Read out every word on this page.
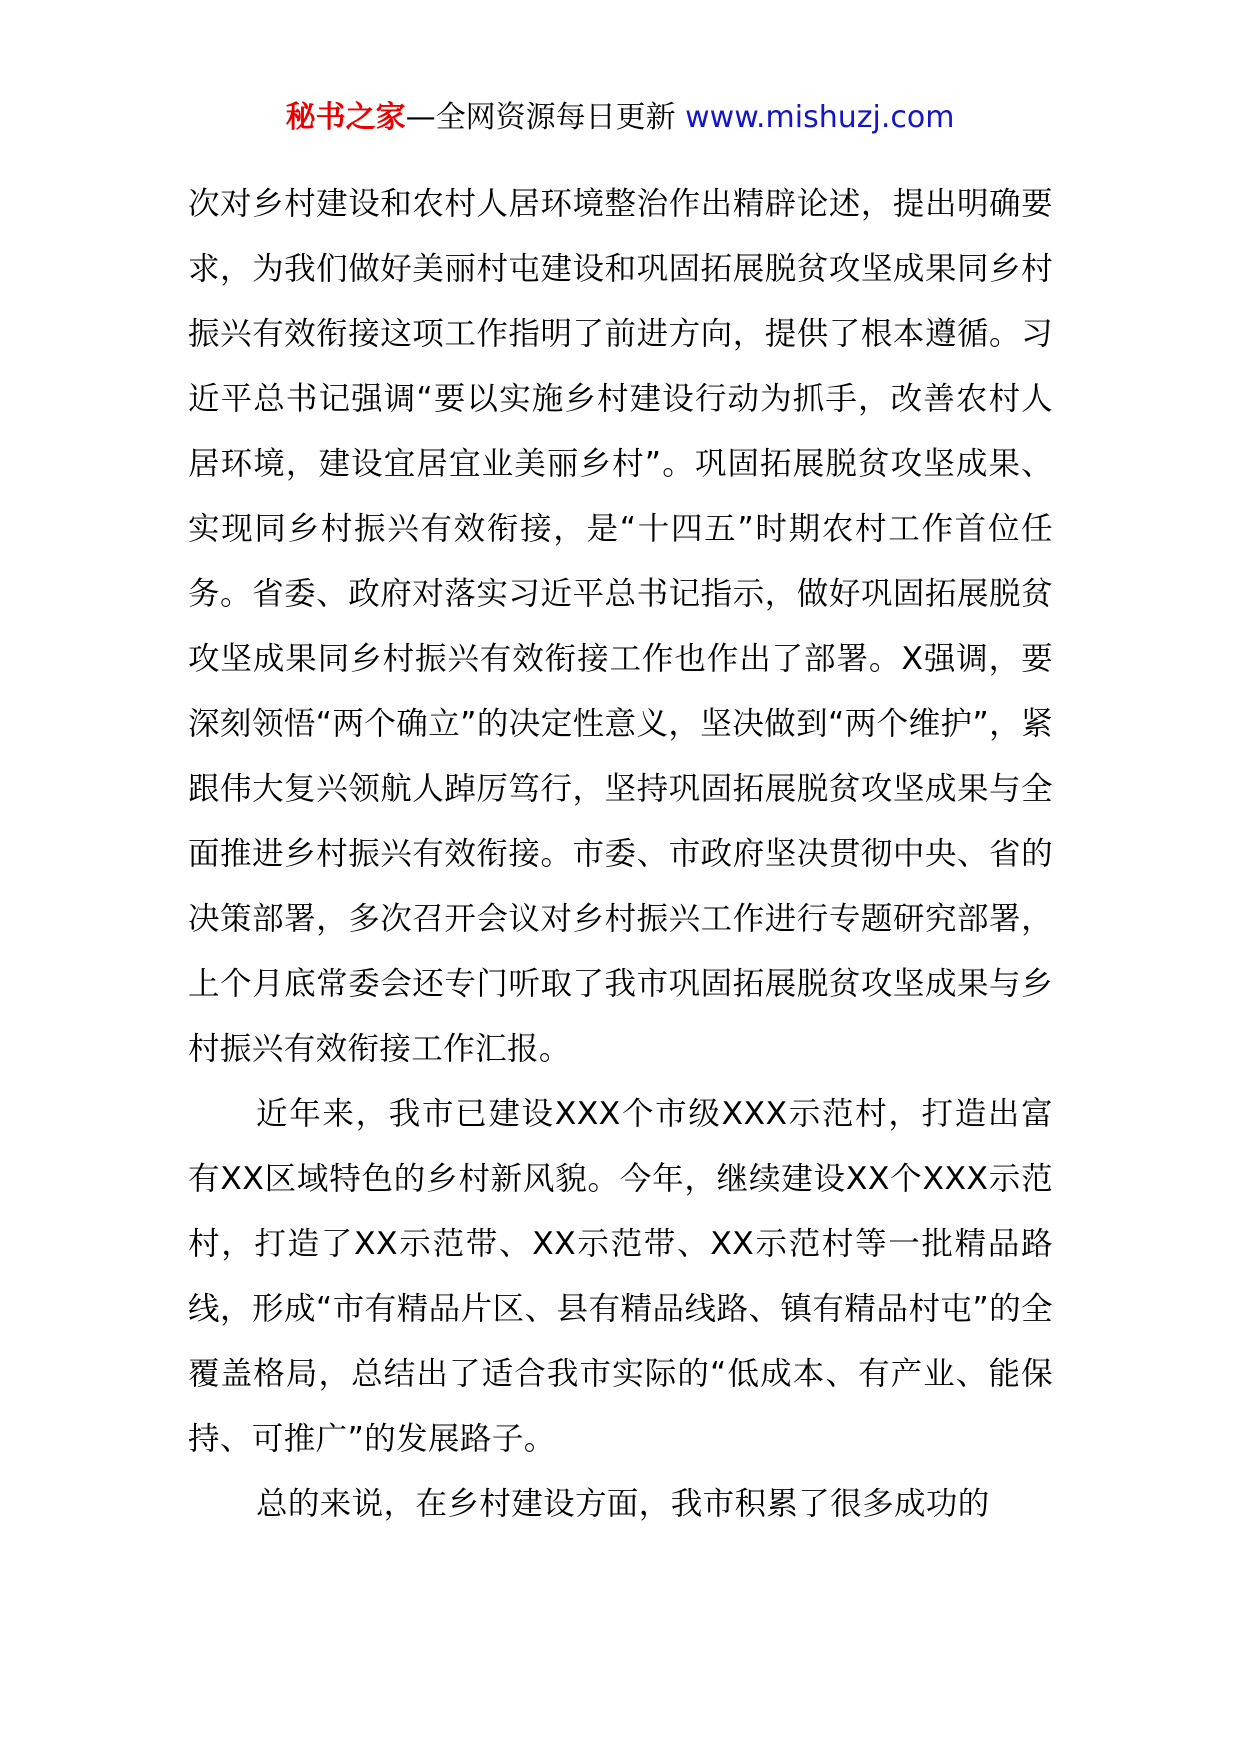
秘书之家—全网资源每日更新 www.mishuzj.com

次对乡村建设和农村人居环境整治作出精辟论述，提出明确要求，为我们做好美丽村屯建设和巩固拓展脱贫攻坚成果同乡村振兴有效衔接这项工作指明了前进方向，提供了根本遵循。习近平总书记强调“要以实施乡村建设行动为抓手，改善农村人居环境，建设宜居宜业美丽乡村”。巩固拓展脱贫攻坚成果、实现同乡村振兴有效衔接，是“十四五”时期农村工作首位任务。省委、政府对落实习近平总书记指示，做好巩固拓展脱贫攻坚成果同乡村振兴有效衔接工作也作出了部署。X强调，要深刻领悟“两个确立”的决定性意义，坚决做到“两个维护”，紧跟伟大复兴领航人踔厉笃行，坚持巩固拓展脱贫攻坚成果与全面推进乡村振兴有效衔接。市委、市政府坚决贯彻中央、省的决策部署，多次召开会议对乡村振兴工作进行专题研究部署，上个月底常委会还专门听取了我市巩固拓展脱贫攻坚成果与乡村振兴有效衔接工作汇报。

近年来，我市已建设XXX个市级XXX示范村，打造出富有XX区域特色的乡村新风貌。今年，继续建设XX个XXX示范村，打造了XX示范带、XX示范带、XX示范村等一批精品路线，形成“市有精品片区、县有精品线路、镇有精品村屯”的全覆盖格局，总结出了适合我市实际的“低成本、有产业、能保持、可推广”的发展路子。

总的来说，在乡村建设方面，我市积累了很多成功的
